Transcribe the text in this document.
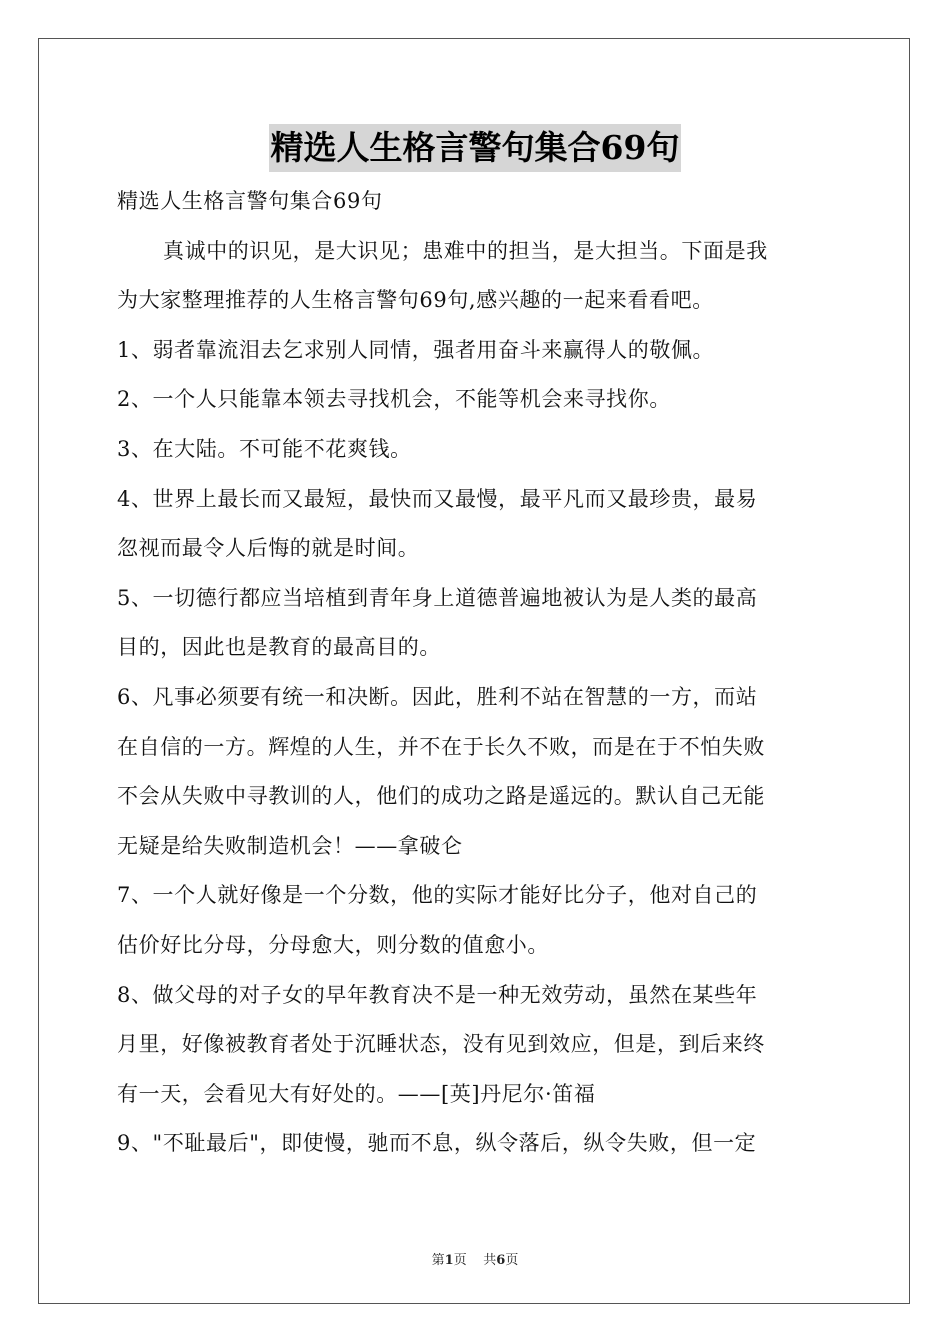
精选人生格言警句集合69句
精选人生格言警句集合69句
真诚中的识见，是大识见；患难中的担当，是大担当。下面是我
为大家整理推荐的人生格言警句69句,感兴趣的一起来看看吧。
1、弱者靠流泪去乞求别人同情，强者用奋斗来赢得人的敬佩。
2、一个人只能靠本领去寻找机会，不能等机会来寻找你。
3、在大陆。不可能不花爽钱。
4、世界上最长而又最短，最快而又最慢，最平凡而又最珍贵，最易
忽视而最令人后悔的就是时间。
5、一切德行都应当培植到青年身上道德普遍地被认为是人类的最高
目的，因此也是教育的最高目的。
6、凡事必须要有统一和决断。因此，胜利不站在智慧的一方，而站
在自信的一方。辉煌的人生，并不在于长久不败，而是在于不怕失败
不会从失败中寻教训的人，他们的成功之路是遥远的。默认自己无能
无疑是给失败制造机会！——拿破仑
7、一个人就好像是一个分数，他的实际才能好比分子，他对自己的
估价好比分母，分母愈大，则分数的值愈小。
8、做父母的对子女的早年教育决不是一种无效劳动，虽然在某些年
月里，好像被教育者处于沉睡状态，没有见到效应，但是，到后来终
有一天，会看见大有好处的。——[英]丹尼尔·笛福
9、"不耻最后"，即使慢，驰而不息，纵令落后，纵令失败，但一定
第1页 共6页
